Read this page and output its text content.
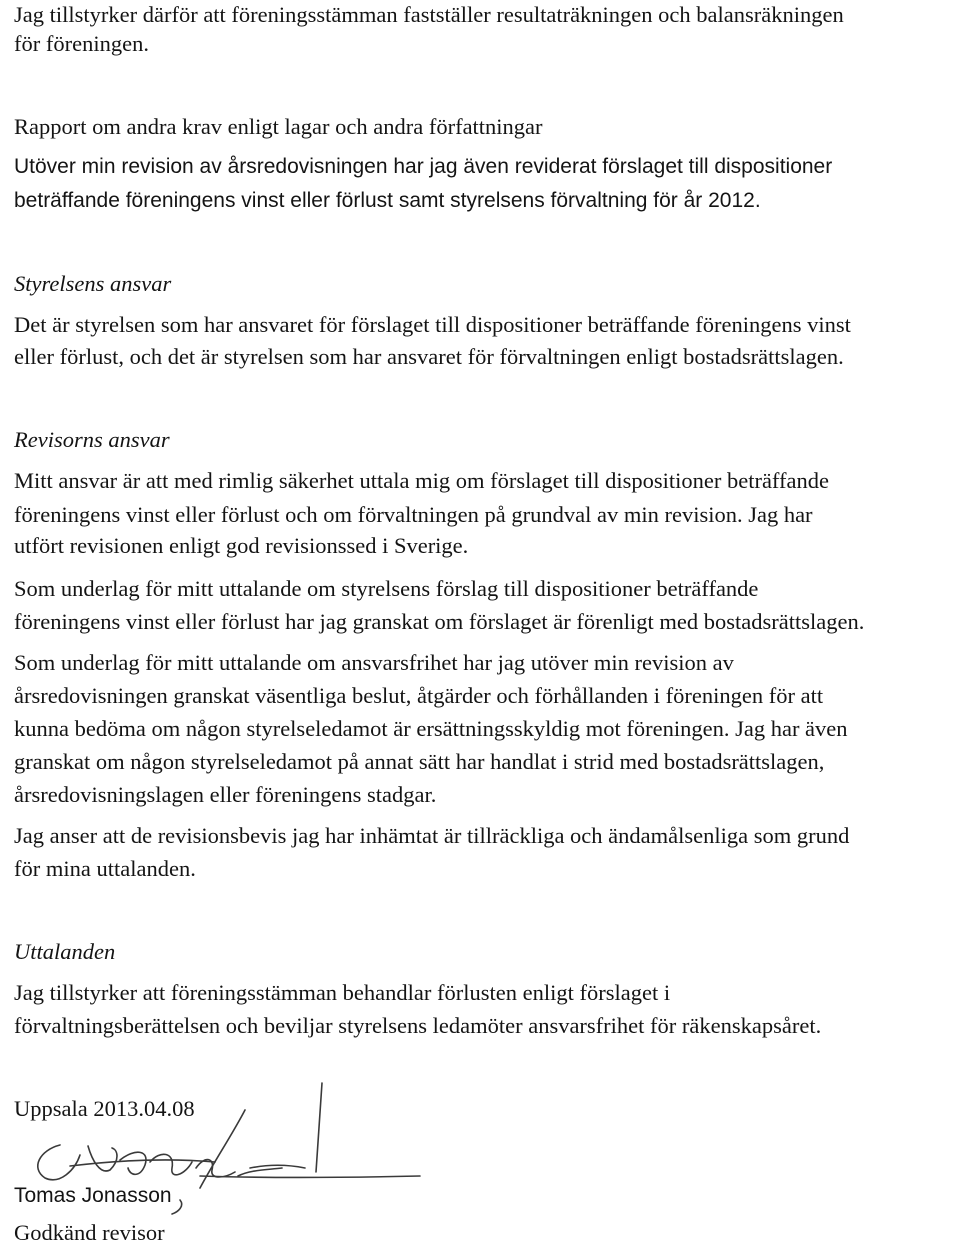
Jag tillstyrker därför att föreningsstämman fastställer resultaträkningen och balansräkningen
för föreningen.
Rapport om andra krav enligt lagar och andra författningar
Utöver min revision av årsredovisningen har jag även reviderat förslaget till dispositioner
beträffande föreningens vinst eller förlust samt styrelsens förvaltning för år 2012.
Styrelsens ansvar
Det är styrelsen som har ansvaret för förslaget till dispositioner beträffande föreningens vinst
eller förlust, och det är styrelsen som har ansvaret för förvaltningen enligt bostadsrättslagen.
Revisorns ansvar
Mitt ansvar är att med rimlig säkerhet uttala mig om förslaget till dispositioner beträffande
föreningens vinst eller förlust och om förvaltningen på grundval av min revision. Jag har
utfört revisionen enligt god revisionssed i Sverige.
Som underlag för mitt uttalande om styrelsens förslag till dispositioner beträffande
föreningens vinst eller förlust har jag granskat om förslaget är förenligt med bostadsrättslagen.
Som underlag för mitt uttalande om ansvarsfrihet har jag utöver min revision av
årsredovisningen granskat väsentliga beslut, åtgärder och förhållanden i föreningen för att
kunna bedöma om någon styrelseledamot är ersättningsskyldig mot föreningen. Jag har även
granskat om någon styrelseledamot på annat sätt har handlat i strid med bostadsrättslagen,
årsredovisningslagen eller föreningens stadgar.
Jag anser att de revisionsbevis jag har inhämtat är tillräckliga och ändamålsenliga som grund
för mina uttalanden.
Uttalanden
Jag tillstyrker att föreningsstämman behandlar förlusten enligt förslaget i
förvaltningsberättelsen och beviljar styrelsens ledamöter ansvarsfrihet för räkenskapsåret.
Uppsala 2013.04.08
Tomas Jonasson
Godkänd revisor
